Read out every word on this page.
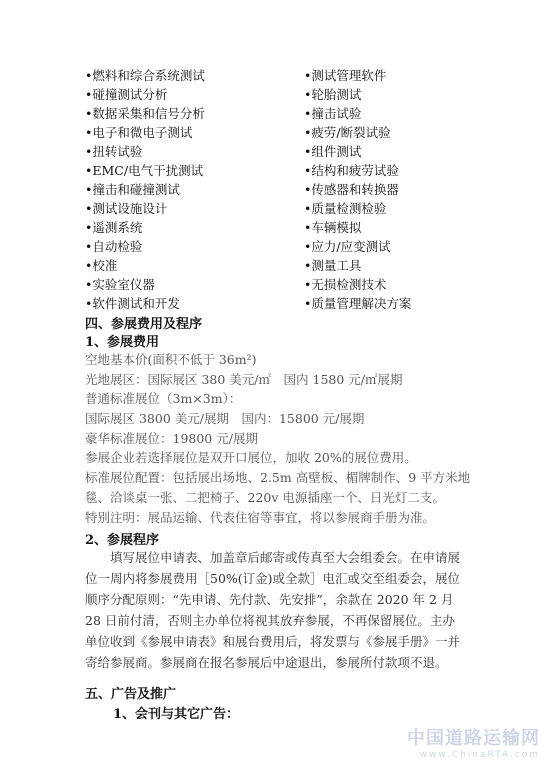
•燃料和综合系统测试
•碰撞测试分析
•数据采集和信号分析
•电子和微电子测试
•扭转试验
•EMC/电气干扰测试
•撞击和碰撞测试
•测试设施设计
•遥测系统
•自动检验
•校准
•实验室仪器
•软件测试和开发
•测试管理软件
•轮胎测试
•撞击试验
•疲劳/断裂试验
•组件测试
•结构和疲劳试验
•传感器和转换器
•质量检测检验
•车辆模拟
•应力/应变测试
•测量工具
•无损检测技术
•质量管理解决方案
四、参展费用及程序
1、参展费用
空地基本价(面积不低于 36m²)
光地展区：国际展区 380 美元/㎡　国内 1580 元/㎡展期
普通标准展位（3m×3m）：
国际展区 3800 美元/展期　国内：15800 元/展期
豪华标准展位：19800 元/展期
参展企业若选择展位是双开口展位，加收 20%的展位费用。
标准展位配置：包括展出场地、2.5m 高壁板、楣牌制作、9 平方米地
毯、洽谈桌一张、二把椅子、220v 电源插座一个、日光灯二支。
特别注明：展品运输、代表住宿等事宜，将以参展商手册为准。
2、参展程序
　　填写展位申请表、加盖章后邮寄或传真至大会组委会。在申请展
位一周内将参展费用［50%(订金)或全款］电汇或交至组委会，展位
顺序分配原则：“先申请、先付款、先安排”，余款在 2020 年 2 月
28 日前付清，否则主办单位将视其放弃参展，不再保留展位。主办
单位收到《参展申请表》和展台费用后，将发票与《参展手册》一并
寄给参展商。参展商在报名参展后中途退出，参展所付款项不退。
五、广告及推广
1、会刊与其它广告：
中国道路运输网
www.ChinaRTA.com
